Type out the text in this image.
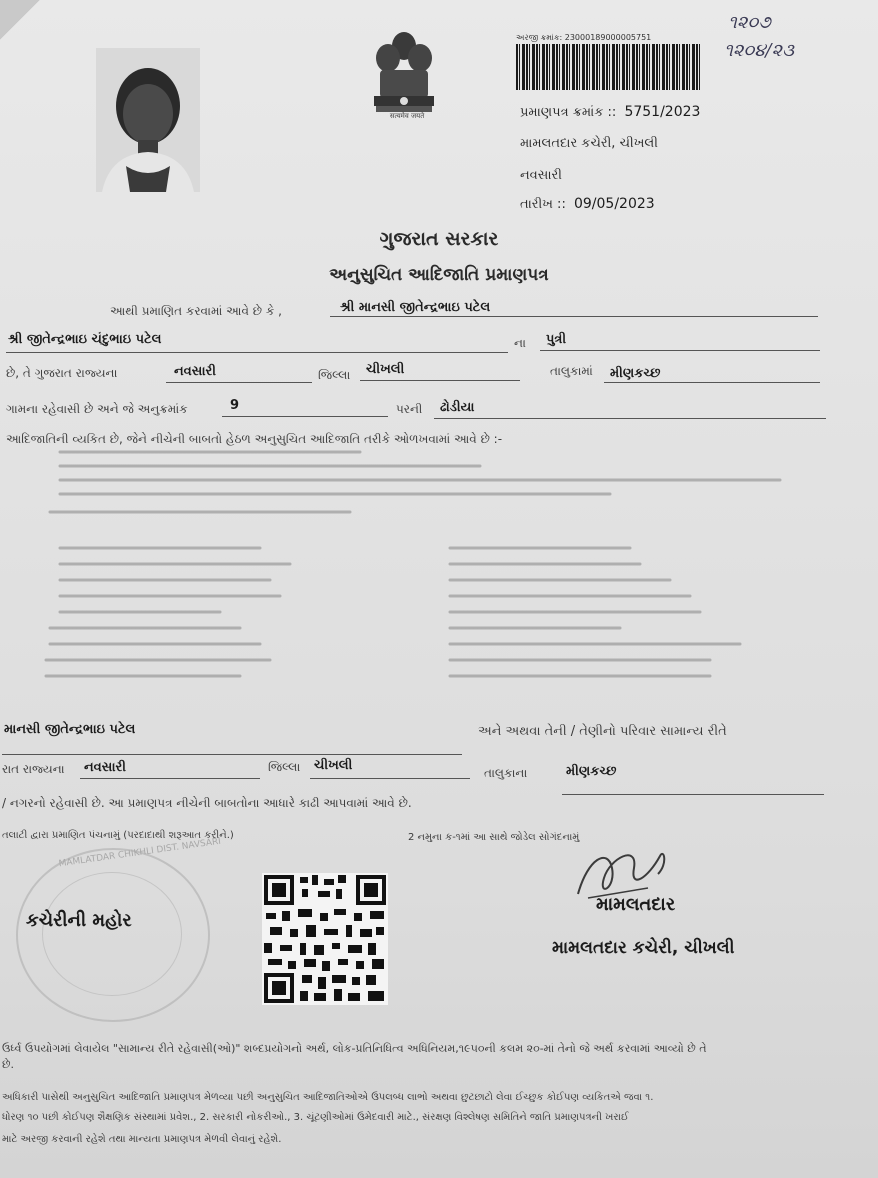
सत्यमेव जयते
અરજી ક્રમાંક: 23000189000005751
૧૨૦૭
૧૨૦૪/૨૩
પ્રમાણપત્ર ક્રમાંક :: 5751/2023
મામલતદાર કચેરી, ચીખલી
નવસારી
તારીખ :: 09/05/2023
ગુજરાત સરકાર
અનુસુચિત આદિજાતિ પ્રમાણપત્ર
આથી પ્રમાણિત કરવામાં આવે છે કે ,	શ્રી માનસી જીતેન્દ્રભાઇ પટેલ
શ્રી જીતેન્દ્રભાઇ ચંદુભાઇ પટેલ	ના પુત્રી
છે, તે ગુજરાત રાજ્યના	નવસારી	જિલ્લા ચીખલી	તાલુકામાં મીણકચ્છ
ગામના રહેવાસી છે અને જે અનુક્રમાંક	9	પરની ઢોડીયા
આદિજાતિની વ્યકિત છે, જેને નીચેની બાબતો હેઠળ અનુસુચિત આદિજાતિ તરીકે ઓળખવામાં આવે છે :-
માનસી જીતેન્દ્રભાઇ પટેલ	અને અથવા તેની / તેણીનો પરિવાર સામાન્ય રીતે
રાત રાજ્યના નવસારી	જિલ્લા ચીખલી	તાલુકાના	મીણકચ્છ
/ નગરનો રહેવાસી છે. આ પ્રમાણપત્ર નીચેની બાબતોના આધારે કાઢી આપવામાં આવે છે.
તલાટી દ્વારા પ્રમાણિત પંચનામું (પરદાદાથી શરૂઆત કરીને.)	2 નમુના ક-૧માં આ સાથે જોડેલ સોગંદનામું
MAMLATDAR CHIKHLI DIST. NAVSARI
કચેરીની મહોર
મામલતદાર
મામલતદાર કચેરી, ચીખલી
ઉર્ધ્વ ઉપયોગમાં લેવાયેલ "સામાન્ય રીતે રહેવાસી(ઓ)" શબ્દપ્રયોગનો અર્થ, લોક-પ્રતિનિધિત્વ અધિનિયમ,૧૯૫૦ની કલમ ૨૦-માં તેનો જે અર્થ કરવામાં આવ્યો છે તે
છે.
અધિકારી પાસેથી અનુસુચિત આદિજાતિ પ્રમાણપત્ર મેળવ્યા પછી અનુસુચિત આદિજાતિઓએ ઉપલબ્ધ લાભો અથવા છુટછાટો લેવા ઈચ્છુક કોઈપણ વ્યકિતએ જવા ૧.
ધોરણ ૧૦ પછી કોઈપણ શૈક્ષણિક સંસ્થામાં પ્રવેશ., 2. સરકારી નોકરીઓ., 3. ચૂંટણીઓમાં ઉમેદવારી માટે., સંરક્ષણ વિશ્લેષણ સમિતિને જાતિ પ્રમાણપત્રની ખરાઈ
માટે અરજી કરવાની રહેશે તથા માન્યતા પ્રમાણપત્ર મેળવી લેવાનું રહેશે.
